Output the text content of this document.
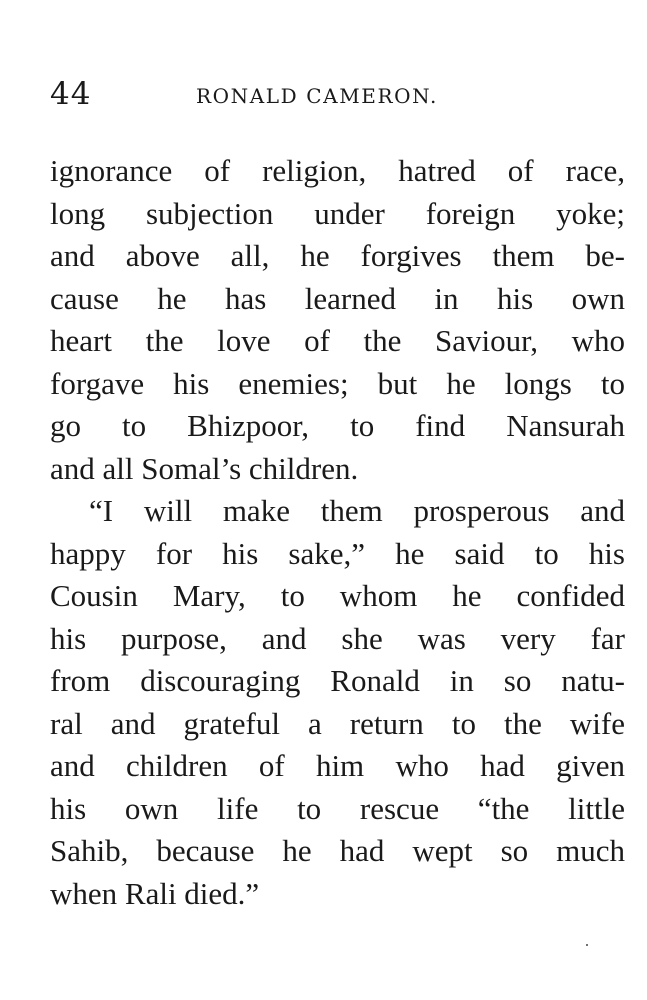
44	RONALD CAMERON.
ignorance of religion, hatred of race,
long subjection under foreign yoke;
and above all, he forgives them be-
cause he has learned in his own
heart the love of the Saviour, who
forgave his enemies; but he longs to
go to Bhizpoor, to find Nansurah
and all Somal’s children.
“I will make them prosperous and
happy for his sake,” he said to his
Cousin Mary, to whom he confided
his purpose, and she was very far
from discouraging Ronald in so natu-
ral and grateful a return to the wife
and children of him who had given
his own life to rescue “the little
Sahib, because he had wept so much
when Rali died.”
